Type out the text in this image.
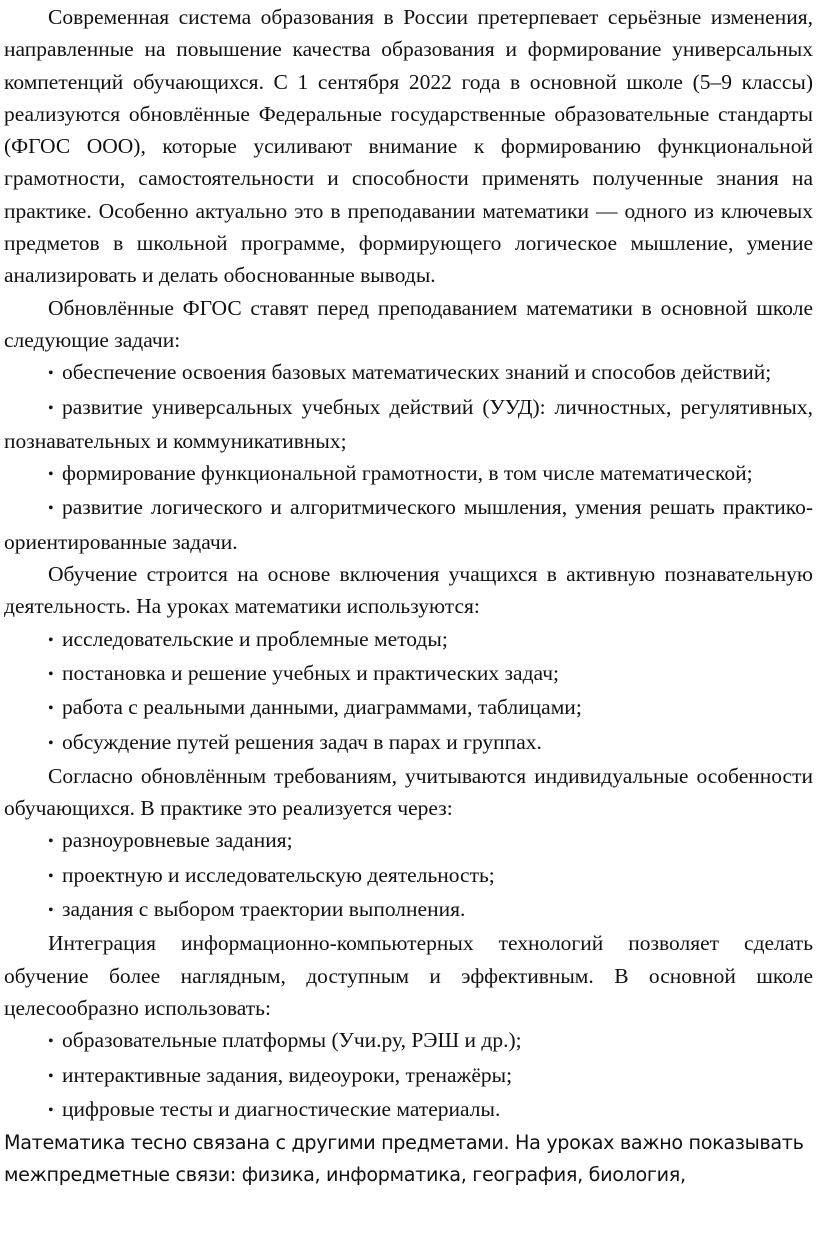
Современная система образования в России претерпевает серьёзные изменения, направленные на повышение качества образования и формирование универсальных компетенций обучающихся. С 1 сентября 2022 года в основной школе (5–9 классы) реализуются обновлённые Федеральные государственные образовательные стандарты (ФГОС ООО), которые усиливают внимание к формированию функциональной грамотности, самостоятельности и способности применять полученные знания на практике. Особенно актуально это в преподавании математики — одного из ключевых предметов в школьной программе, формирующего логическое мышление, умение анализировать и делать обоснованные выводы.

Обновлённые ФГОС ставят перед преподаванием математики в основной школе следующие задачи:

• обеспечение освоения базовых математических знаний и способов действий;
• развитие универсальных учебных действий (УУД): личностных, регулятивных, познавательных и коммуникативных;
• формирование функциональной грамотности, в том числе математической;
• развитие логического и алгоритмического мышления, умения решать практико-ориентированные задачи.

Обучение строится на основе включения учащихся в активную познавательную деятельность. На уроках математики используются:

• исследовательские и проблемные методы;
• постановка и решение учебных и практических задач;
• работа с реальными данными, диаграммами, таблицами;
• обсуждение путей решения задач в парах и группах.

Согласно обновлённым требованиям, учитываются индивидуальные особенности обучающихся. В практике это реализуется через:

• разноуровневые задания;
• проектную и исследовательскую деятельность;
• задания с выбором траектории выполнения.

Интеграция информационно-компьютерных технологий позволяет сделать обучение более наглядным, доступным и эффективным. В основной школе целесообразно использовать:

• образовательные платформы (Учи.ру, РЭШ и др.);
• интерактивные задания, видеоуроки, тренажёры;
• цифровые тесты и диагностические материалы.

Математика тесно связана с другими предметами. На уроках важно показывать

межпредметные связи: физика, информатика, география, биология,
